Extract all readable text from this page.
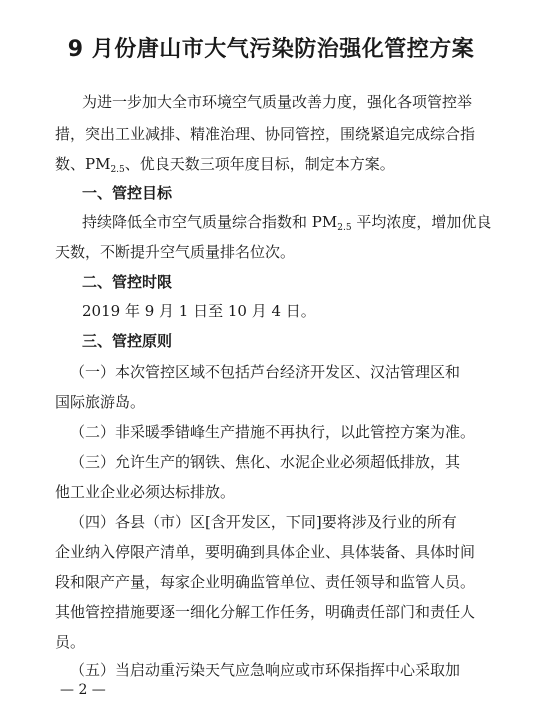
9 月份唐山市大气污染防治强化管控方案
为进一步加大全市环境空气质量改善力度，强化各项管控举
措，突出工业减排、精准治理、协同管控，围绕紧追完成综合指
数、$PM_{2.5}$、优良天数三项年度目标，制定本方案。
一、管控目标
持续降低全市空气质量综合指数和 $PM_{2.5}$ 平均浓度，增加优良
天数，不断提升空气质量排名位次。
二、管控时限
2019 年 9 月 1 日至 10 月 4 日。
三、管控原则
（一）本次管控区域不包括芦台经济开发区、汉沽管理区和
国际旅游岛。
（二）非采暖季错峰生产措施不再执行，以此管控方案为准。
（三）允许生产的钢铁、焦化、水泥企业必须超低排放，其
他工业企业必须达标排放。
（四）各县（市）区[含开发区，下同]要将涉及行业的所有
企业纳入停限产清单，要明确到具体企业、具体装备、具体时间
段和限产产量，每家企业明确监管单位、责任领导和监管人员。
其他管控措施要逐一细化分解工作任务，明确责任部门和责任人
员。
（五）当启动重污染天气应急响应或市环保指挥中心采取加
— 2 —
